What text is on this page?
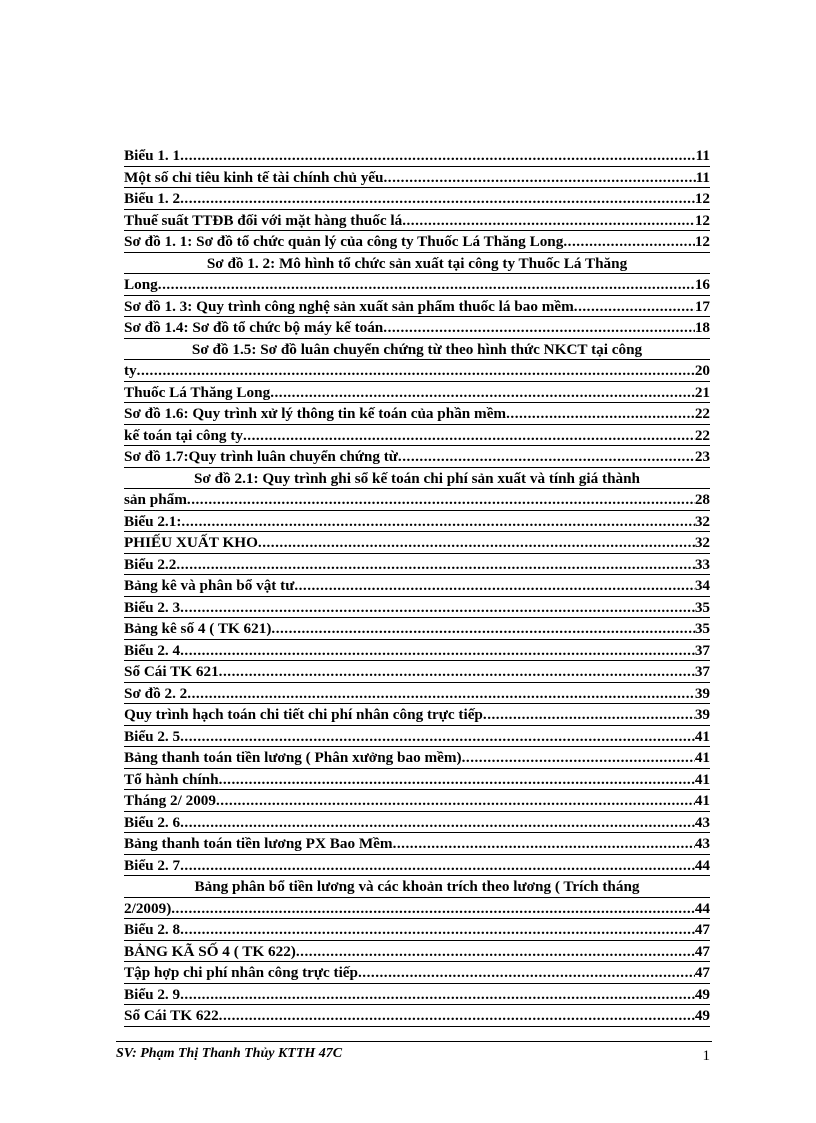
Biểu 1. 1 .....	11
Một số chỉ tiêu kinh tế tài chính chủ yếu .....	11
Biểu 1. 2 .....	12
Thuế suất TTĐB đối với mặt hàng thuốc lá .....	12
Sơ đồ 1. 1: Sơ đồ tổ chức quản lý của công ty Thuốc Lá Thăng Long .....	12
Sơ đồ 1. 2: Mô hình tổ chức sản xuất tại công ty Thuốc Lá Thăng
Long .....	16
Sơ đồ 1. 3: Quy trình công nghệ sản xuất sản phẩm thuốc lá bao mềm .....	17
Sơ đồ 1.4: Sơ đồ tổ chức bộ máy kế toán .....	18
Sơ đồ 1.5: Sơ đồ luân chuyển chứng từ theo hình thức NKCT tại công
ty .....	20
Thuốc Lá Thăng Long .....	21
Sơ đồ 1.6: Quy trình xử lý thông tin kế toán của phần mềm .....	22
kế toán tại công ty .....	22
Sơ đồ 1.7:Quy trình luân chuyển chứng từ .....	23
Sơ đồ 2.1: Quy trình ghi sổ kế toán chi phí sản xuất và tính giá thành
sản phẩm .....	28
Biểu 2.1: .....	32
PHIẾU XUẤT KHO .....	32
Biểu 2.2 .....	33
Bảng kê và phân bổ vật tư .....	34
Biểu 2. 3 .....	35
Bảng kê số 4 ( TK 621) .....	35
Biểu 2. 4 .....	37
Sổ Cái TK 621 .....	37
Sơ đồ 2. 2 .....	39
Quy trình hạch toán chi tiết chi phí nhân công trực tiếp .....	39
Biểu 2. 5 .....	41
Bảng thanh toán tiền lương ( Phân xưởng bao mềm) .....	41
Tổ hành chính .....	41
Tháng 2/ 2009 .....	41
Biểu 2. 6 .....	43
Bảng thanh toán tiền lương PX Bao Mềm .....	43
Biểu 2. 7 .....	44
Bảng phân bổ tiền lương và các khoản trích theo lương ( Trích tháng
2/2009) .....	44
Biểu 2. 8 .....	47
BẢNG KÃ SỐ 4 ( TK 622) .....	47
Tập hợp chi phí nhân công trực tiếp .....	47
Biểu 2. 9 .....	49
Sổ Cái TK 622 .....	49
SV: Phạm Thị Thanh Thủy KTTH 47C	1
